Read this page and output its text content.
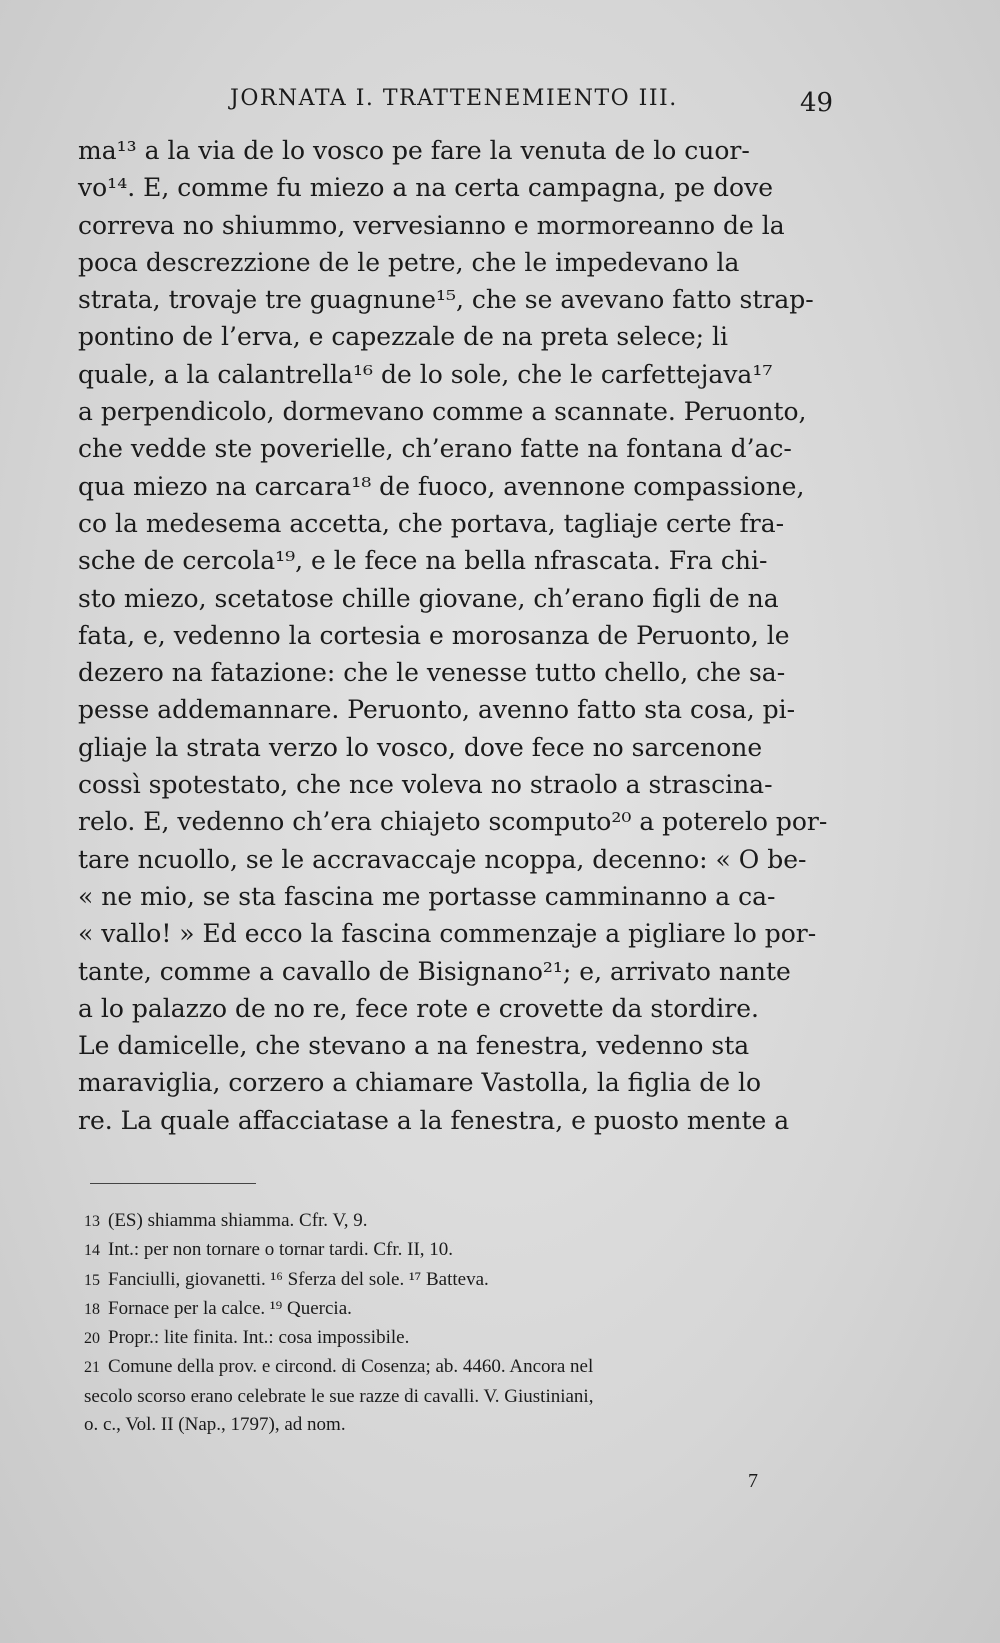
JORNATA I. TRATTENEMIENTO III.	49
ma¹³ a la via de lo vosco pe fare la venuta de lo cuor-
vo¹⁴. E, comme fu miezo a na certa campagna, pe dove
correva no shiummo, vervesianno e mormoreanno de la
poca descrezzione de le petre, che le impedevano la
strata, trovaje tre guagnune¹⁵, che se avevano fatto strap-
pontino de l’erva, e capezzale de na preta selece; li
quale, a la calantrella¹⁶ de lo sole, che le carfettejava¹⁷
a perpendicolo, dormevano comme a scannate. Peruonto,
che vedde ste poverielle, ch’erano fatte na fontana d’ac-
qua miezo na carcara¹⁸ de fuoco, avennone compassione,
co la medesema accetta, che portava, tagliaje certe fra-
sche de cercola¹⁹, e le fece na bella nfrascata. Fra chi-
sto miezo, scetatose chille giovane, ch’erano figli de na
fata, e, vedenno la cortesia e morosanza de Peruonto, le
dezero na fatazione: che le venesse tutto chello, che sa-
pesse addemannare. Peruonto, avenno fatto sta cosa, pi-
gliaje la strata verzo lo vosco, dove fece no sarcenone
cossì spotestato, che nce voleva no straolo a strascina-
relo. E, vedenno ch’era chiajeto scomputo²⁰ a poterelo por-
tare ncuollo, se le accravaccaje ncoppa, decenno: « O be-
« ne mio, se sta fascina me portasse camminanno a ca-
« vallo! » Ed ecco la fascina commenzaje a pigliare lo por-
tante, comme a cavallo de Bisignano²¹; e, arrivato nante
a lo palazzo de no re, fece rote e crovette da stordire.
Le damicelle, che stevano a na fenestra, vedenno sta
maraviglia, corzero a chiamare Vastolla, la figlia de lo
re. La quale affacciatase a la fenestra, e puosto mente a
13 (ES) shiamma shiamma. Cfr. V, 9.
14 Int.: per non tornare o tornar tardi. Cfr. II, 10.
15 Fanciulli, giovanetti. ¹⁶ Sferza del sole. ¹⁷ Batteva.
18 Fornace per la calce. ¹⁹ Quercia.
20 Propr.: lite finita. Int.: cosa impossibile.
21 Comune della prov. e circond. di Cosenza; ab. 4460. Ancora nel
secolo scorso erano celebrate le sue razze di cavalli. V. Giustiniani,
o. c., Vol. II (Nap., 1797), ad nom.
7
